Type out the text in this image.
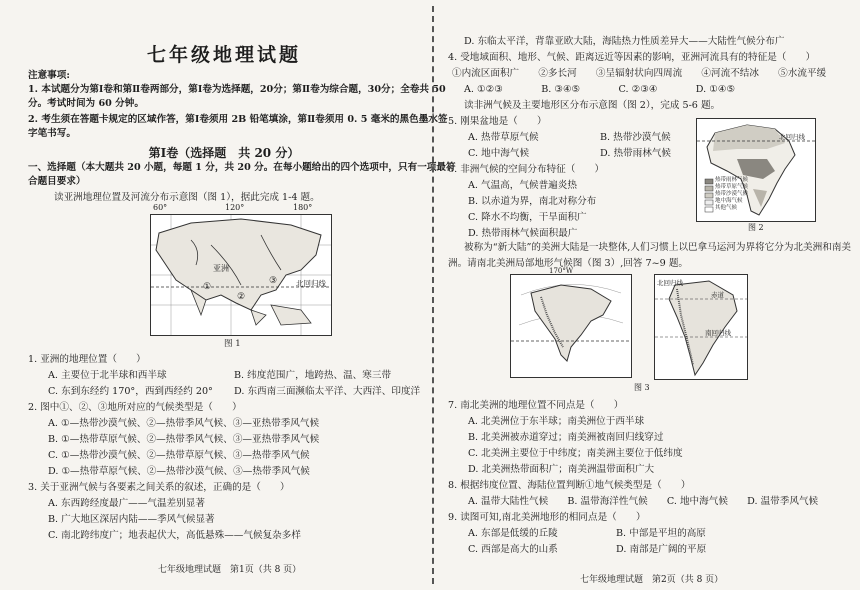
七年级地理试题
注意事项:
1. 本试题分为第Ⅰ卷和第Ⅱ卷两部分，第Ⅰ卷为选择题，20分；第Ⅱ卷为综合题，30分；全卷共 50
分。考试时间为 60 分钟。
2. 考生须在答题卡规定的区域作答，第Ⅰ卷须用 2B 铅笔填涂，第Ⅱ卷须用 0. 5 毫米的黑色墨水签
字笔书写。
第Ⅰ卷（选择题　共 20 分）
一、选择题（本大题共 20 小题，每题 1 分，共 20 分。在每小题给出的四个选项中，只有一项最符
合题目要求）
读亚洲地理位置及河流分布示意图（图 1），据此完成 1-4 题。
60°	120°	180°
亚洲
①
②
③	北回归线
图 1
1. 亚洲的地理位置（　　）
A. 主要位于北半球和西半球	B. 纬度范围广，地跨热、温、寒三带
C. 东到东经约 170°，西到西经约 20° D. 东西南三面濒临太平洋、大西洋、印度洋
2. 图中①、②、③地所对应的气候类型是（　　）
A. ①—热带沙漠气候、②—热带季风气候、③—亚热带季风气候
B. ①—热带草原气候、②—热带季风气候、③—亚热带季风气候
C. ①—热带沙漠气候、②—热带草原气候、③—热带季风气候
D. ①—热带草原气候、②—热带沙漠气候、③—热带季风气候
3. 关于亚洲气候与各要素之间关系的叙述，正确的是（　　）
A. 东西跨经度最广——气温差别显著
B. 广大地区深居内陆——季风气候显著
C. 南北跨纬度广；地表起伏大，高低悬殊——气候复杂多样
七年级地理试题　第1页（共 8 页）
D. 东临太平洋，背靠亚欧大陆，海陆热力性质差异大——大陆性气候分布广
4. 受地域面积、地形、气候、距离远近等因素的影响，亚洲河流具有的特征是（　　）
①内流区面积广　　②多长河　　③呈辐射状向四周流　　④河流不结冰　　⑤水流平缓
A. ①②③　　　　B. ③④⑤　　　　C. ②③④　　　　D. ①④⑤
读非洲气候及主要地形区分布示意图（图 2），完成 5-6 题。
5. 刚果盆地是（　　）
A. 热带草原气候	B. 热带沙漠气候
C. 地中海气候	D. 热带雨林气候
6. 非洲气候的空间分布特征（　　）
A. 气温高，气候普遍炎热
B. 以赤道为界，南北对称分布
C. 降水不均衡，干旱面积广
D. 热带雨林气候面积最广
北回归线
热带雨林气候
热带草原气候
热带沙漠气候
地中海气候
其他气候
图 2
被称为“新大陆”的美洲大陆是一块整体,人们习惯上以巴拿马运河为界将它分为北美洲和南美
洲。请南北美洲局部地形气候图（图 3）,回答 7~9 题。
170°W
赤道
南回归线
北回归线
图 3
7. 南北美洲的地理位置不同点是（　　）
A. 北美洲位于东半球；南美洲位于西半球
B. 北美洲被赤道穿过；南美洲被南回归线穿过
C. 北美洲主要位于中纬度；南美洲主要位于低纬度
D. 北美洲热带面积广；南美洲温带面积广大
8. 根据纬度位置、海陆位置判断①地气候类型是（　　）
A. 温带大陆性气候　　B. 温带海洋性气候　　C. 地中海气候　　D. 温带季风气候
9. 读图可知,南北美洲地形的相同点是（　　）
A. 东部是低缓的丘陵	B. 中部是平坦的高原
C. 西部是高大的山系	D. 南部是广阔的平原
七年级地理试题　第2页（共 8 页）
